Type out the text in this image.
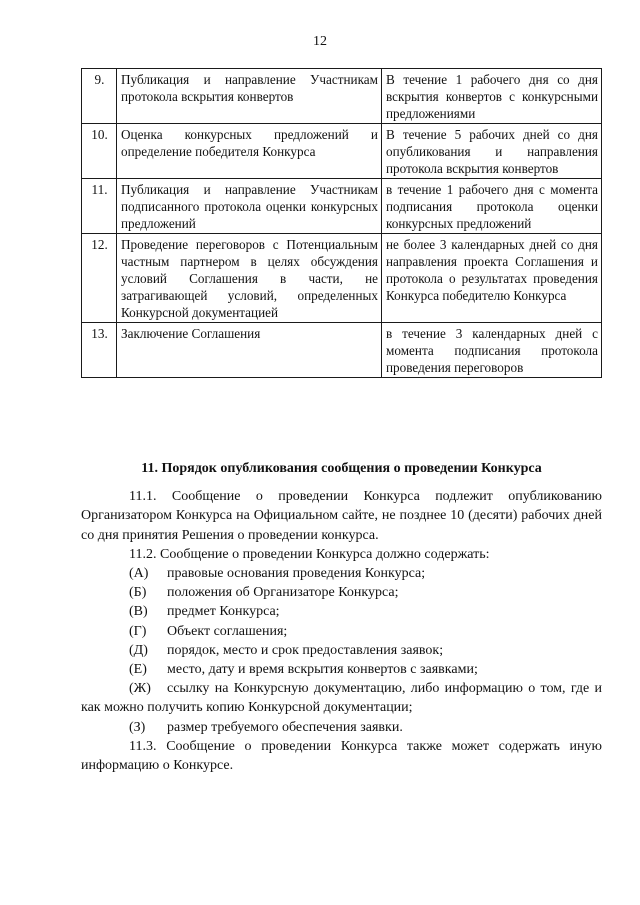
12
9.	Публикация и направление Участникам протокола вскрытия конвертов	В течение 1 рабочего дня со дня вскрытия конвертов с конкурсными предложениями
10.	Оценка конкурсных предложений и определение победителя Конкурса	В течение 5 рабочих дней со дня опубликования и направления протокола вскрытия конвертов
11.	Публикация и направление Участникам подписанного протокола оценки конкурсных предложений	в течение 1 рабочего дня с момента подписания протокола оценки конкурсных предложений
12.	Проведение переговоров с Потенциальным частным партнером в целях обсуждения условий Соглашения в части, не затрагивающей условий, определенных Конкурсной документацией	не более 3 календарных дней со дня направления проекта Соглашения и протокола о результатах проведения Конкурса победителю Конкурса
13.	Заключение Соглашения	в течение 3 календарных дней с момента подписания протокола проведения переговоров

11. Порядок опубликования сообщения о проведении Конкурса

11.1. Сообщение о проведении Конкурса подлежит опубликованию Организатором Конкурса на Официальном сайте, не позднее 10 (десяти) рабочих дней со дня принятия Решения о проведении конкурса.

11.2. Сообщение о проведении Конкурса должно содержать:

(А) правовые основания проведения Конкурса;

(Б) положения об Организаторе Конкурса;

(В) предмет Конкурса;

(Г) Объект соглашения;

(Д) порядок, место и срок предоставления заявок;

(Е) место, дату и время вскрытия конвертов с заявками;

(Ж) ссылку на Конкурсную документацию, либо информацию о том, где и как можно получить копию Конкурсной документации;

(З) размер требуемого обеспечения заявки.

11.3. Сообщение о проведении Конкурса также может содержать иную информацию о Конкурсе.
